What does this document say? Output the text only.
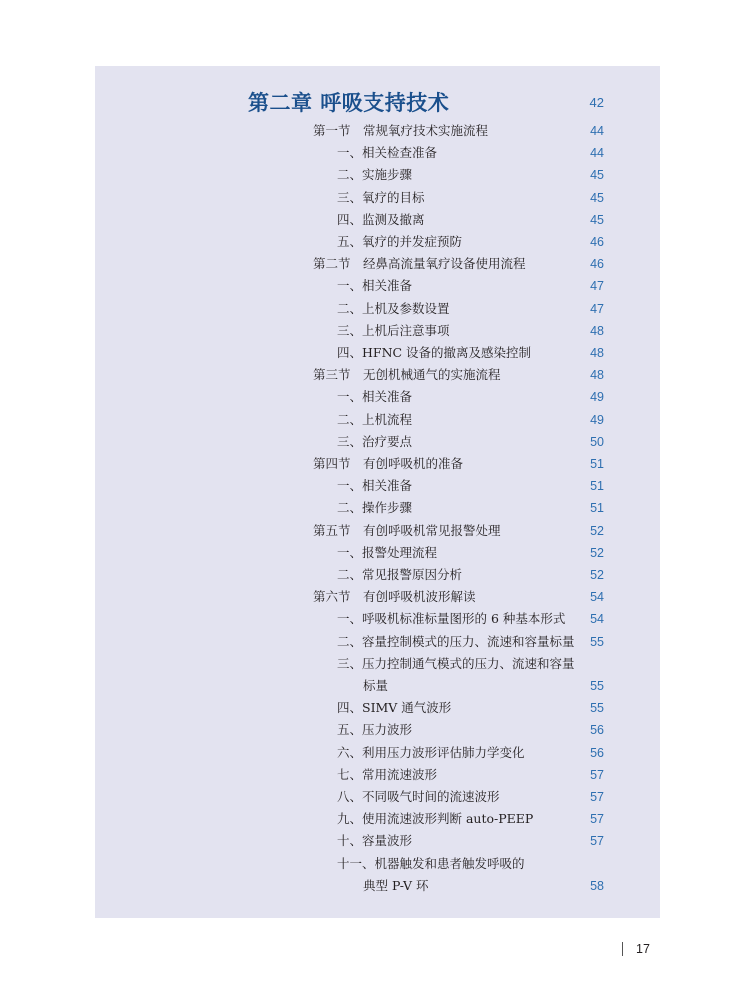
第二章 呼吸支持技术	42
第一节 常规氧疗技术实施流程	44
一、相关检查准备	44
二、实施步骤	45
三、氧疗的目标	45
四、监测及撤离	45
五、氧疗的并发症预防	46
第二节 经鼻高流量氧疗设备使用流程	46
一、相关准备	47
二、上机及参数设置	47
三、上机后注意事项	48
四、HFNC 设备的撤离及感染控制	48
第三节 无创机械通气的实施流程	48
一、相关准备	49
二、上机流程	49
三、治疗要点	50
第四节 有创呼吸机的准备	51
一、相关准备	51
二、操作步骤	51
第五节 有创呼吸机常见报警处理	52
一、报警处理流程	52
二、常见报警原因分析	52
第六节 有创呼吸机波形解读	54
一、呼吸机标准标量图形的 6 种基本形式	54
二、容量控制模式的压力、流速和容量标量	55
三、压力控制通气模式的压力、流速和容量
标量	55
四、SIMV 通气波形	55
五、压力波形	56
六、利用压力波形评估肺力学变化	56
七、常用流速波形	57
八、不同吸气时间的流速波形	57
九、使用流速波形判断 auto-PEEP	57
十、容量波形	57
十一、机器触发和患者触发呼吸的
典型 P-V 环	58
17
